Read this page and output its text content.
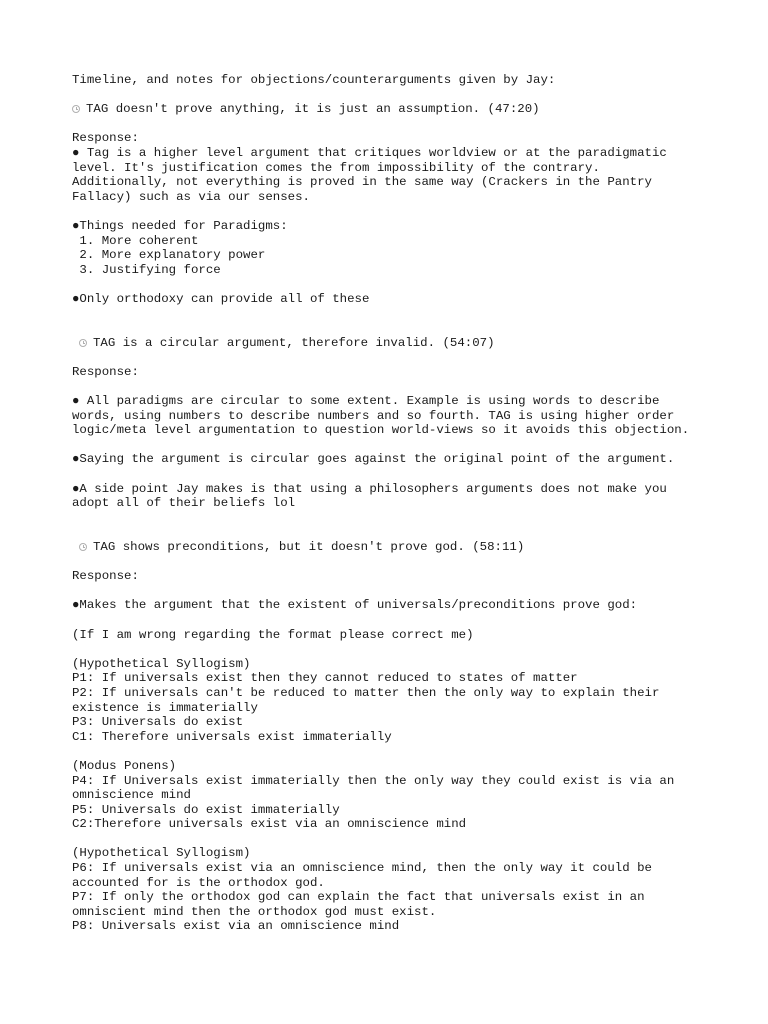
Timeline, and notes for objections/counterarguments given by Jay:
TAG doesn't prove anything, it is just an assumption. (47:20)
Response:
● Tag is a higher level argument that critiques worldview or at the paradigmatic
level. It's justification comes the from impossibility of the contrary.
Additionally, not everything is proved in the same way (Crackers in the Pantry
Fallacy) such as via our senses.
●Things needed for Paradigms:
1. More coherent
2. More explanatory power
3. Justifying force
●Only orthodoxy can provide all of these
TAG is a circular argument, therefore invalid. (54:07)
Response:
● All paradigms are circular to some extent. Example is using words to describe
words, using numbers to describe numbers and so fourth. TAG is using higher order
logic/meta level argumentation to question world-views so it avoids this objection.
●Saying the argument is circular goes against the original point of the argument.
●A side point Jay makes is that using a philosophers arguments does not make you
adopt all of their beliefs lol
TAG shows preconditions, but it doesn't prove god. (58:11)
Response:
●Makes the argument that the existent of universals/preconditions prove god:
(If I am wrong regarding the format please correct me)
(Hypothetical Syllogism)
P1: If universals exist then they cannot reduced to states of matter
P2: If universals can't be reduced to matter then the only way to explain their
existence is immaterially
P3: Universals do exist
C1: Therefore universals exist immaterially
(Modus Ponens)
P4: If Universals exist immaterially then the only way they could exist is via an
omniscience mind
P5: Universals do exist immaterially
C2:Therefore universals exist via an omniscience mind
(Hypothetical Syllogism)
P6: If universals exist via an omniscience mind, then the only way it could be
accounted for is the orthodox god.
P7: If only the orthodox god can explain the fact that universals exist in an
omniscient mind then the orthodox god must exist.
P8: Universals exist via an omniscience mind
